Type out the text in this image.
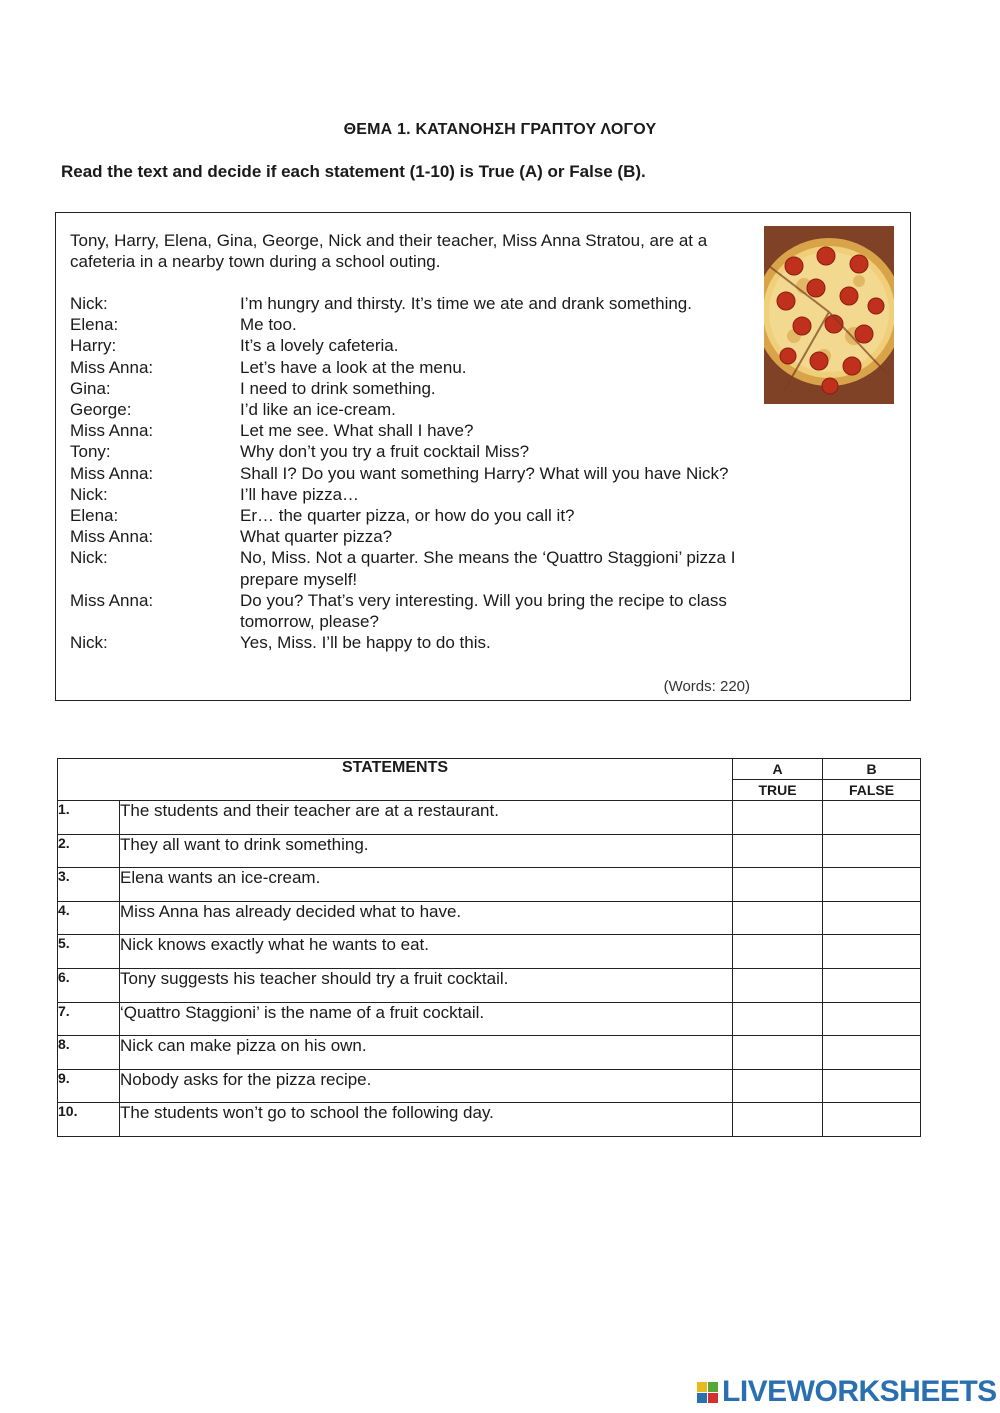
ΘΕΜΑ 1. ΚΑΤΑΝΟΗΣΗ ΓΡΑΠΤΟΥ ΛΟΓΟΥ
Read the text and decide if each statement (1-10) is True (A) or False (B).
Tony, Harry, Elena, Gina, George, Nick and their teacher, Miss Anna Stratou, are at a cafeteria in a nearby town during a school outing.
Nick:	I’m hungry and thirsty. It’s time we ate and drank something.
Elena:	Me too.
Harry:	It’s a lovely cafeteria.
Miss Anna:	Let’s have a look at the menu.
Gina:	I need to drink something.
George:	I’d like an ice-cream.
Miss Anna:	Let me see. What shall I have?
Tony:	Why don’t you try a fruit cocktail Miss?
Miss Anna:	Shall I? Do you want something Harry? What will you have Nick?
Nick:	I’ll have pizza…
Elena:	Er… the quarter pizza, or how do you call it?
Miss Anna:	What quarter pizza?
Nick:	No, Miss. Not a quarter. She means the ‘Quattro Staggioni’ pizza I prepare myself!
Miss Anna:	Do you? That’s very interesting. Will you bring the recipe to class tomorrow, please?
Nick:	Yes, Miss. I’ll be happy to do this.
(Words: 220)
STATEMENTS		A	B
		TRUE	FALSE
1.	The students and their teacher are at a restaurant.		
2.	They all want to drink something.		
3.	Elena wants an ice-cream.		
4.	Miss Anna has already decided what to have.		
5.	Nick knows exactly what he wants to eat.		
6.	Tony suggests his teacher should try a fruit cocktail.		
7.	‘Quattro Staggioni’ is the name of a fruit cocktail.		
8.	Nick can make pizza on his own.		
9.	Nobody asks for the pizza recipe.		
10.	The students won’t go to school the following day.		
LIVEWORKSHEETS
